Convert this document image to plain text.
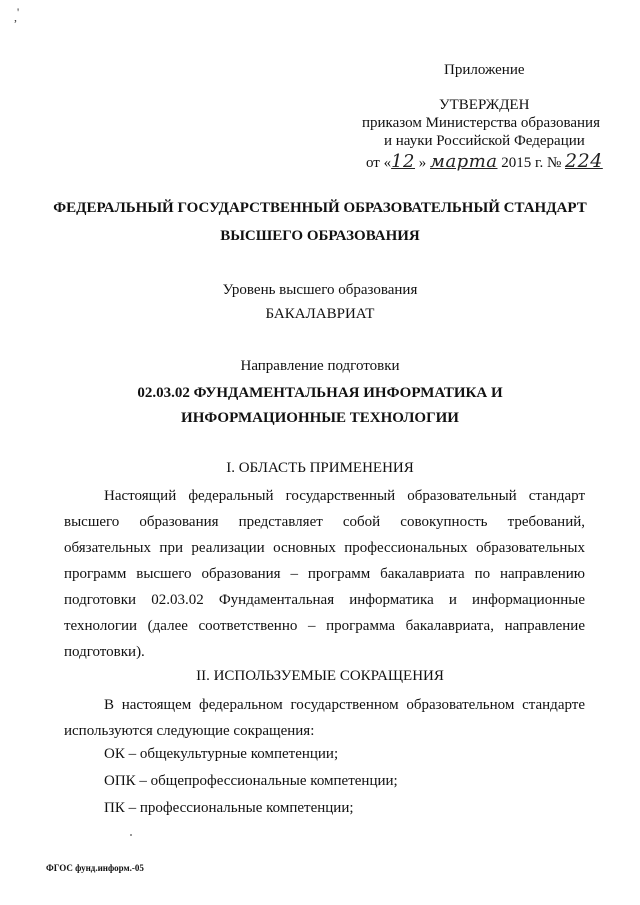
,'
Приложение
УТВЕРЖДЕН
приказом Министерства образования
и науки Российской Федерации
от «12 » марта 2015 г. № 224
ФЕДЕРАЛЬНЫЙ ГОСУДАРСТВЕННЫЙ ОБРАЗОВАТЕЛЬНЫЙ СТАНДАРТ
ВЫСШЕГО ОБРАЗОВАНИЯ
Уровень высшего образования
БАКАЛАВРИАТ
Направление подготовки
02.03.02 ФУНДАМЕНТАЛЬНАЯ ИНФОРМАТИКА И
ИНФОРМАЦИОННЫЕ ТЕХНОЛОГИИ
I. ОБЛАСТЬ ПРИМЕНЕНИЯ
Настоящий федеральный государственный образовательный стандарт высшего образования представляет собой совокупность требований, обязательных при реализации основных профессиональных образовательных программ высшего образования – программ бакалавриата по направлению подготовки 02.03.02 Фундаментальная информатика и информационные технологии (далее соответственно – программа бакалавриата, направление подготовки).
II. ИСПОЛЬЗУЕМЫЕ СОКРАЩЕНИЯ
В настоящем федеральном государственном образовательном стандарте используются следующие сокращения:
ОК – общекультурные компетенции;
ОПК – общепрофессиональные компетенции;
ПК – профессиональные компетенции;
ФГОС фунд.информ.-05
